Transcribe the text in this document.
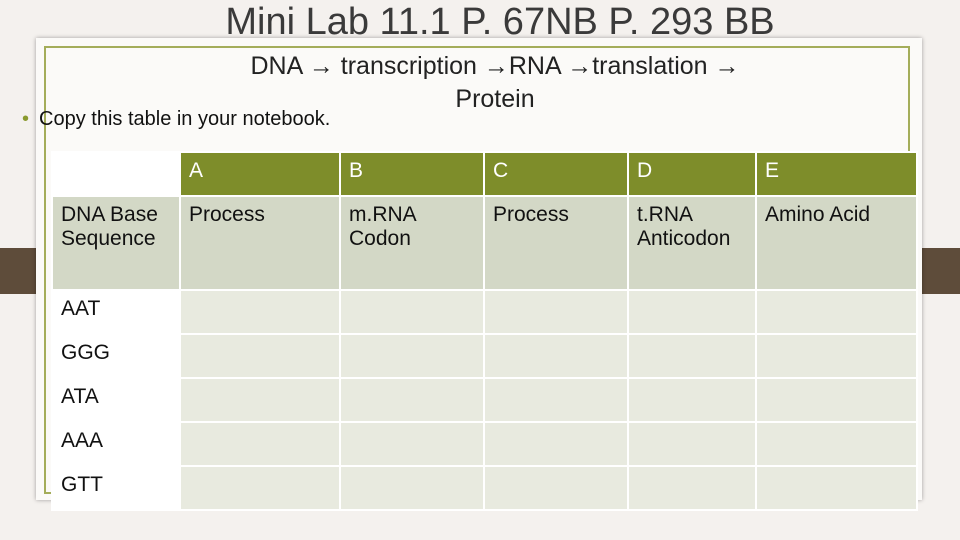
Mini Lab 11.1 P. 67NB P. 293 BB
DNA → transcription →RNA →translation →
Protein
• Copy this table in your notebook.
	A	B	C	D	E
DNA Base Sequence	Process	m.RNA Codon	Process	t.RNA Anticodon	Amino Acid
AAT					
GGG					
ATA					
AAA					
GTT					
